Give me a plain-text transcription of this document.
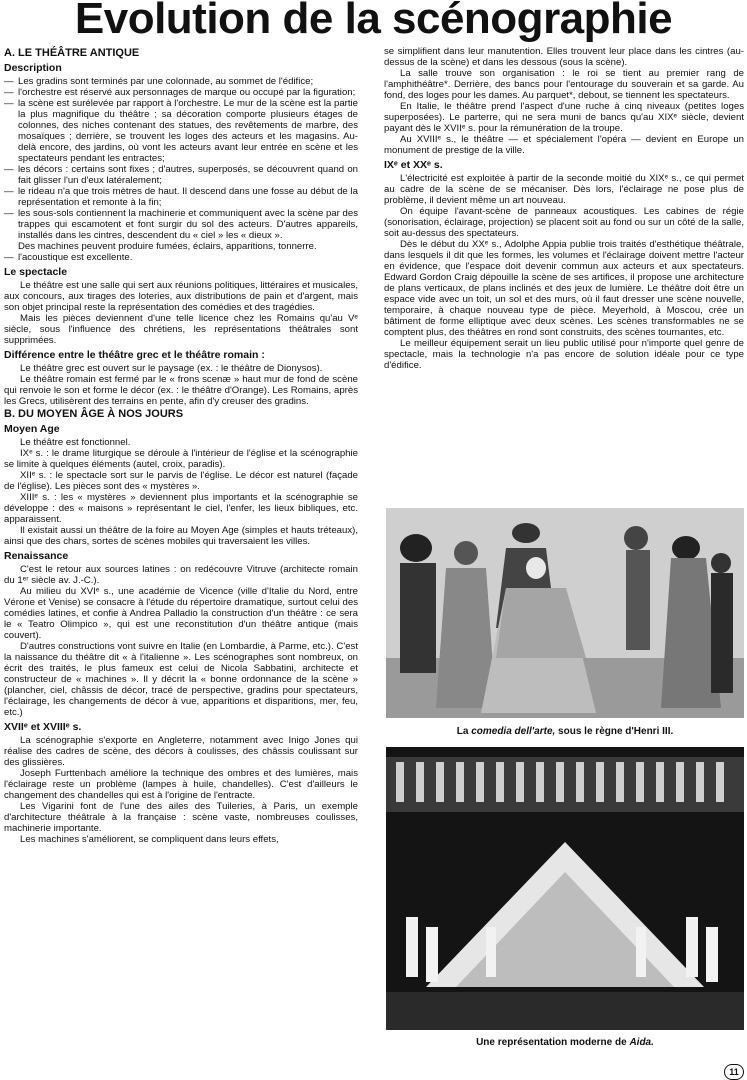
Evolution de la scénographie
A. LE THÉÂTRE ANTIQUE
Description
— Les gradins sont terminés par une colonnade, au sommet de l'édifice;
— l'orchestre est réservé aux personnages de marque ou occupé par la figuration;
— la scène est surélevée par rapport à l'orchestre. Le mur de la scène est la partie la plus magnifique du théâtre ; sa décoration comporte plusieurs étages de colonnes, des niches contenant des statues, des revêtements de marbre, des mosaïques ; derrière, se trouvent les loges des acteurs et les magasins. Au-delà encore, des jardins, où vont les acteurs avant leur entrée en scène et les spectateurs pendant les entractes;
— les décors : certains sont fixes ; d'autres, superposés, se découvrent quand on fait glisser l'un d'eux latéralement;
— le rideau n'a que trois mètres de haut. Il descend dans une fosse au début de la représentation et remonte à la fin;
— les sous-sols contiennent la machinerie et communiquent avec la scène par des trappes qui escamotent et font surgir du sol des acteurs. D'autres appareils, installés dans les cintres, descendent du « ciel » les « dieux ».
Des machines peuvent produire fumées, éclairs, apparitions, tonnerre.
— l'acoustique est excellente.
Le spectacle

Le théâtre est une salle qui sert aux réunions politiques, littéraires et musicales, aux concours, aux tirages des loteries, aux distributions de pain et d'argent, mais son objet principal reste la représentation des comédies et des tragédies.

Mais les pièces deviennent d'une telle licence chez les Romains qu'au Vᵉ siècle, sous l'influence des chrétiens, les représentations théâtrales sont supprimées.

Différence entre le théâtre grec et le théâtre romain :

Le théâtre grec est ouvert sur le paysage (ex. : le théâtre de Dionysos).

Le théâtre romain est fermé par le « frons scenæ » haut mur de fond de scène qui renvoie le son et forme le décor (ex. : le théâtre d'Orange). Les Romains, après les Grecs, utilisèrent des terrains en pente, afin d'y creuser des gradins.

B. DU MOYEN ÂGE À NOS JOURS
Moyen Age

Le théâtre est fonctionnel.

IXᵉ s. : le drame liturgique se déroule à l'intérieur de l'église et la scénographie se limite à quelques éléments (autel, croix, paradis).

XIIᵉ s. : le spectacle sort sur le parvis de l'église. Le décor est naturel (façade de l'église). Les pièces sont des « mystères ».

XIIIᵉ s. : les « mystères » deviennent plus importants et la scénographie se développe : des « maisons » représentant le ciel, l'enfer, les lieux bibliques, etc. apparaissent.

Il existait aussi un théâtre de la foire au Moyen Age (simples et hauts tréteaux), ainsi que des chars, sortes de scènes mobiles qui traversaient les villes.

Renaissance

C'est le retour aux sources latines : on redécouvre Vitruve (architecte romain du 1ᵉʳ siècle av. J.-C.).

Au milieu du XVIᵉ s., une académie de Vicence (ville d'Italie du Nord, entre Vérone et Venise) se consacre à l'étude du répertoire dramatique, surtout celui des comédies latines, et confie à Andrea Palladio la construction d'un théâtre : ce sera le « Teatro Olimpico », qui est une reconstitution d'un théâtre antique (mais couvert).

D'autres constructions vont suivre en Italie (en Lombardie, à Parme, etc.). C'est la naissance du théâtre dit « à l'italienne ». Les scénographes sont nombreux, on écrit des traités, le plus fameux est celui de Nicola Sabbatini, architecte et constructeur de « machines ». Il y décrit la « bonne ordonnance de la scène » (plancher, ciel, châssis de décor, tracé de perspective, gradins pour spectateurs, l'éclairage, les changements de décor à vue, apparitions et disparitions, mer, feu, etc.)

XVIIᵉ et XVIIIᵉ s.

La scénographie s'exporte en Angleterre, notamment avec Inigo Jones qui réalise des cadres de scène, des décors à coulisses, des châssis coulissant sur des glissières.

Joseph Furttenbach améliore la technique des ombres et des lumières, mais l'éclairage reste un problème (lampes à huile, chandelles). C'est d'ailleurs le changement des chandelles qui est à l'origine de l'entracte.

Les Vigarini font de l'une des ailes des Tuileries, à Paris, un exemple d'architecture théâtrale à la française : scène vaste, nombreuses coulisses, machinerie importante.

Les machines s'améliorent, se compliquent dans leurs effets,

se simplifient dans leur manutention. Elles trouvent leur place dans les cintres (au-dessus de la scène) et dans les dessous (sous la scène).

La salle trouve son organisation : le roi se tient au premier rang de l'amphithéâtre*. Derrière, des bancs pour l'entourage du souverain et sa garde. Au fond, des loges pour les dames. Au parquet*, debout, se tiennent les spectateurs.

En Italie, le théâtre prend l'aspect d'une ruche à cinq niveaux (petites loges superposées). Le parterre, qui ne sera muni de bancs qu'au XIXᵉ siècle, devient payant dès le XVIIᵉ s. pour la rémunération de la troupe.

Au XVIIIᵉ s., le théâtre — et spécialement l'opéra — devient en Europe un monument de prestige de la ville.

IXᵉ et XXᵉ s.

L'électricité est exploitée à partir de la seconde moitié du XIXᵉ s., ce qui permet au cadre de la scène de se mécaniser. Dès lors, l'éclairage ne pose plus de problème, il devient même un art nouveau.

On équipe l'avant-scène de panneaux acoustiques. Les cabines de régie (sonorisation, éclairage, projection) se placent soit au fond ou sur un côté de la salle, soit au-dessus des spectateurs.

Dès le début du XXᵉ s., Adolphe Appia publie trois traités d'esthétique théâtrale, dans lesquels il dit que les formes, les volumes et l'éclairage doivent mettre l'acteur en évidence, que l'espace doit devenir commun aux acteurs et aux spectateurs. Edward Gordon Craig dépouille la scène de ses artifices, il propose une architecture de plans verticaux, de plans inclinés et des jeux de lumière. Le théâtre doit être un espace vide avec un toit, un sol et des murs, où il faut dresser une scène nouvelle, temporaire, à chaque nouveau type de pièce. Meyerhold, à Moscou, crée un bâtiment de forme elliptique avec deux scènes. Les scènes transformables ne se comptent plus, des théâtres en rond sont construits, des scènes tournantes, etc.

Le meilleur équipement serait un lieu public utilisé pour n'importe quel genre de spectacle, mais la technologie n'a pas encore de solution idéale pour ce type d'édifice.

La comedia dell'arte, sous le règne d'Henri III.
Une représentation moderne de Aida.
11
